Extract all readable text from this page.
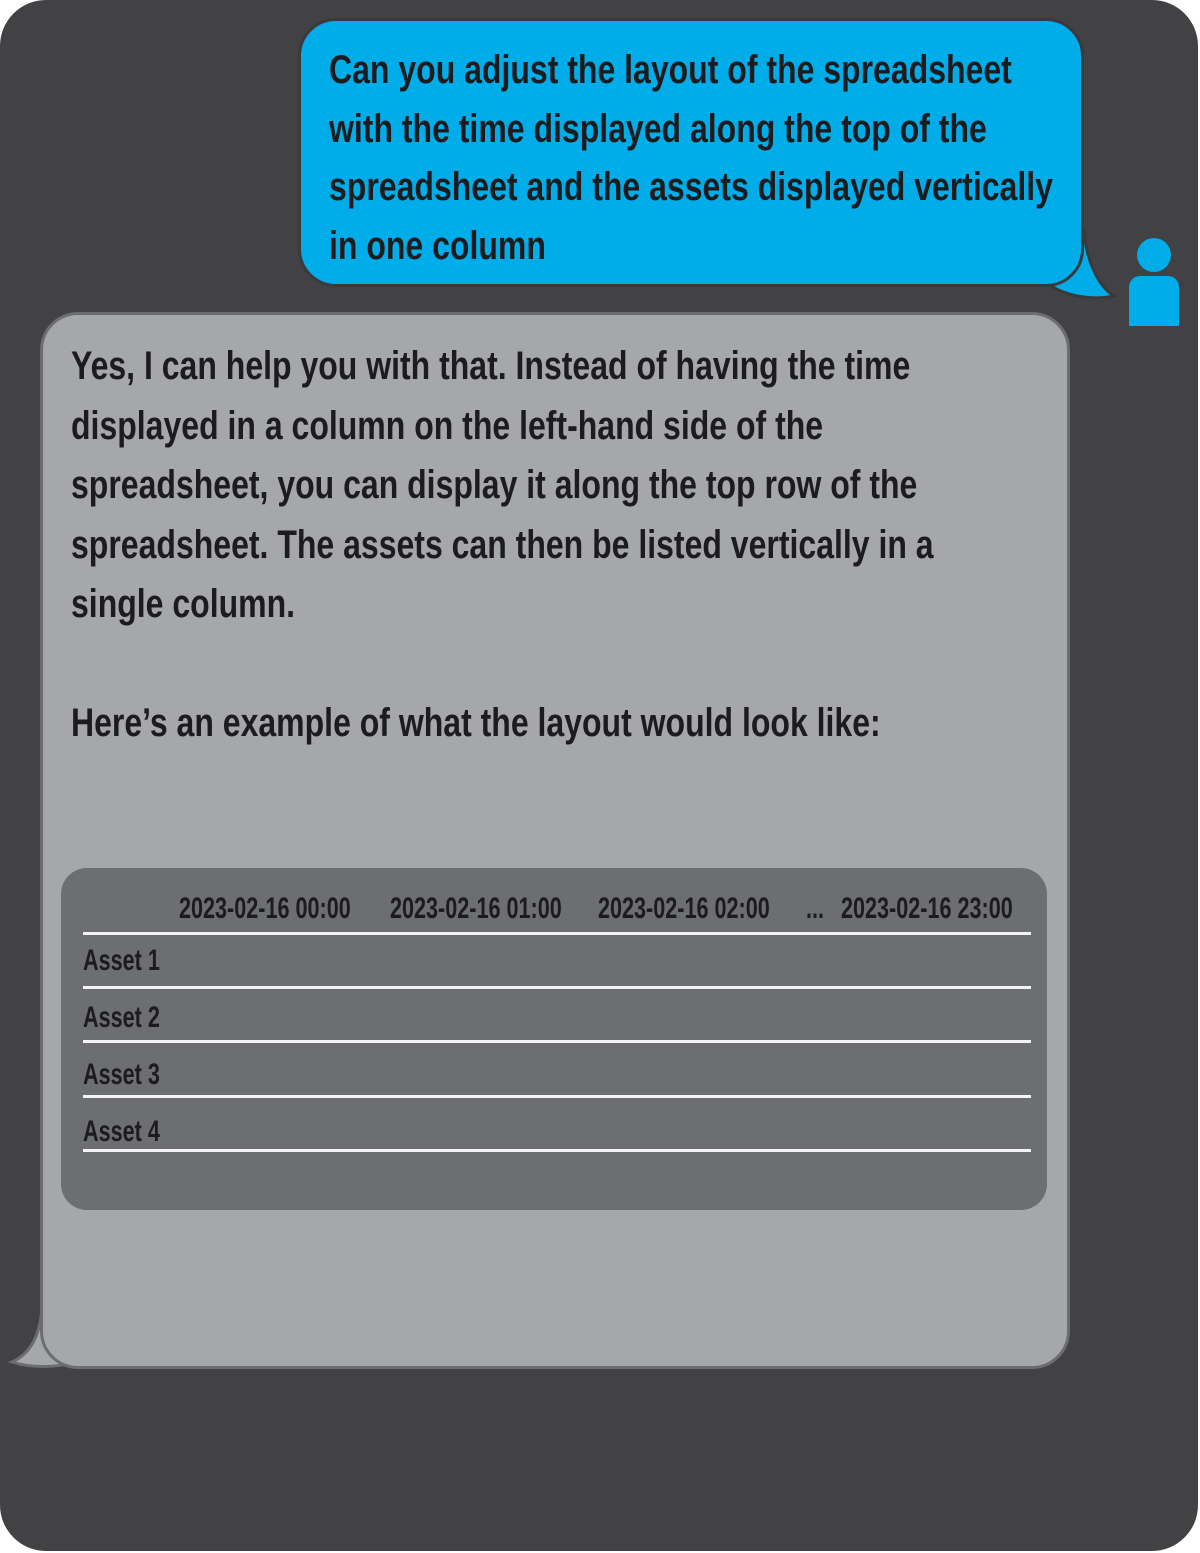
Can you adjust the layout of the spreadsheet with the time displayed along the top of the spreadsheet and the assets displayed vertically in one column

Yes, I can help you with that. Instead of having the time displayed in a column on the left-hand side of the spreadsheet, you can display it along the top row of the spreadsheet. The assets can then be listed vertically in a single column.

Here’s an example of what the layout would look like:

2023-02-16 00:00 2023-02-16 01:00 2023-02-16 02:00 ... 2023-02-16 23:00
Asset 1
Asset 2
Asset 3
Asset 4
